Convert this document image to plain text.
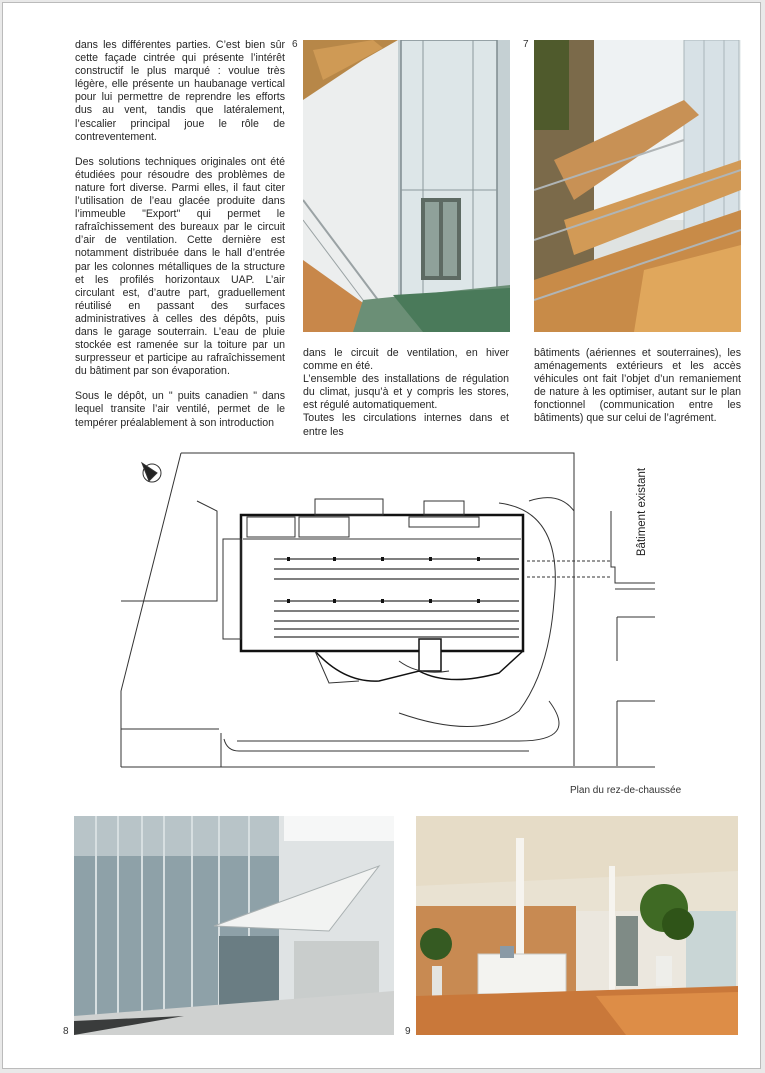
dans les différentes parties. C’est bien sûr cette façade cintrée qui présente l’intérêt constructif le plus marqué : voulue très légère, elle présente un haubanage vertical pour lui permettre de reprendre les efforts dus au vent, tandis que latéralement, l’escalier principal joue le rôle de contreventement.

Des solutions techniques originales ont été étudiées pour résoudre des problèmes de nature fort diverse. Parmi elles, il faut citer l’utilisation de l’eau glacée produite dans l’immeuble "Export" qui permet le rafraîchissement des bureaux par le circuit d’air de ventilation. Cette dernière est notamment distribuée dans le hall d’entrée par les colonnes métalliques de la structure et les profilés horizontaux UAP. L’air circulant est, d’autre part, graduellement réutilisé en passant des surfaces administratives à celles des dépôts, puis dans le garage souterrain. L’eau de pluie stockée est ramenée sur la toiture par un surpresseur et participe au rafraîchissement du bâtiment par son évaporation.

Sous le dépôt, un " puits canadien " dans lequel transite l’air ventilé, permet de le tempérer préalablement à son introduction

6	7

dans le circuit de ventilation, en hiver comme en été.

L’ensemble des installations de régulation du climat, jusqu’à et y compris les stores, est régulé automatiquement.

Toutes les circulations internes dans et entre les

bâtiments (aériennes et souterraines), les aménagements extérieurs et les accès véhicules ont fait l’objet d’un remaniement de nature à les optimiser, autant sur le plan fonctionnel (communication entre les bâtiments) que sur celui de l’agrément.

Bâtiment existant
Plan du rez-de-chaussée
8	9
